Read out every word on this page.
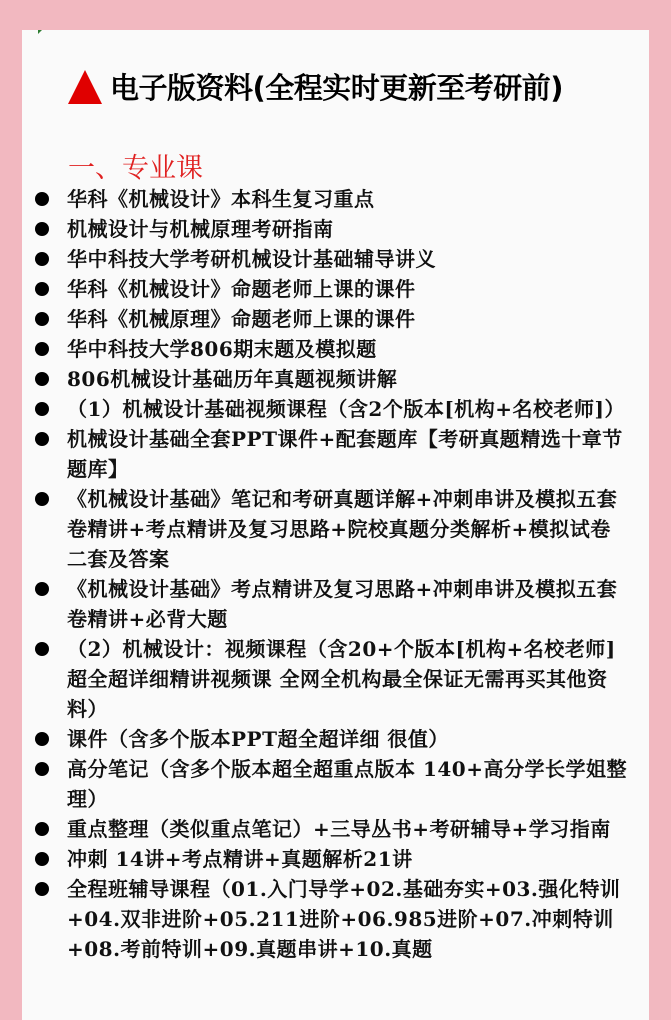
电子版资料(全程实时更新至考研前)
一、专业课
华科《机械设计》本科生复习重点
机械设计与机械原理考研指南
华中科技大学考研机械设计基础辅导讲义
华科《机械设计》命题老师上课的课件
华科《机械原理》命题老师上课的课件
华中科技大学806期末题及模拟题
806机械设计基础历年真题视频讲解
（1）机械设计基础视频课程（含2个版本[机构+名校老师]）
机械设计基础全套PPT课件+配套题库【考研真题精选十章节题库】
《机械设计基础》笔记和考研真题详解+冲刺串讲及模拟五套卷精讲+考点精讲及复习思路+院校真题分类解析+模拟试卷二套及答案
《机械设计基础》考点精讲及复习思路+冲刺串讲及模拟五套卷精讲+必背大题
（2）机械设计：视频课程（含20+个版本[机构+名校老师]超全超详细精讲视频课 全网全机构最全保证无需再买其他资料）
课件（含多个版本PPT超全超详细 很值）
高分笔记（含多个版本超全超重点版本 140+高分学长学姐整理）
重点整理（类似重点笔记）+三导丛书+考研辅导+学习指南
冲刺 14讲+考点精讲+真题解析21讲
全程班辅导课程（01.入门导学+02.基础夯实+03.强化特训+04.双非进阶+05.211进阶+06.985进阶+07.冲刺特训+08.考前特训+09.真题串讲+10.真题
